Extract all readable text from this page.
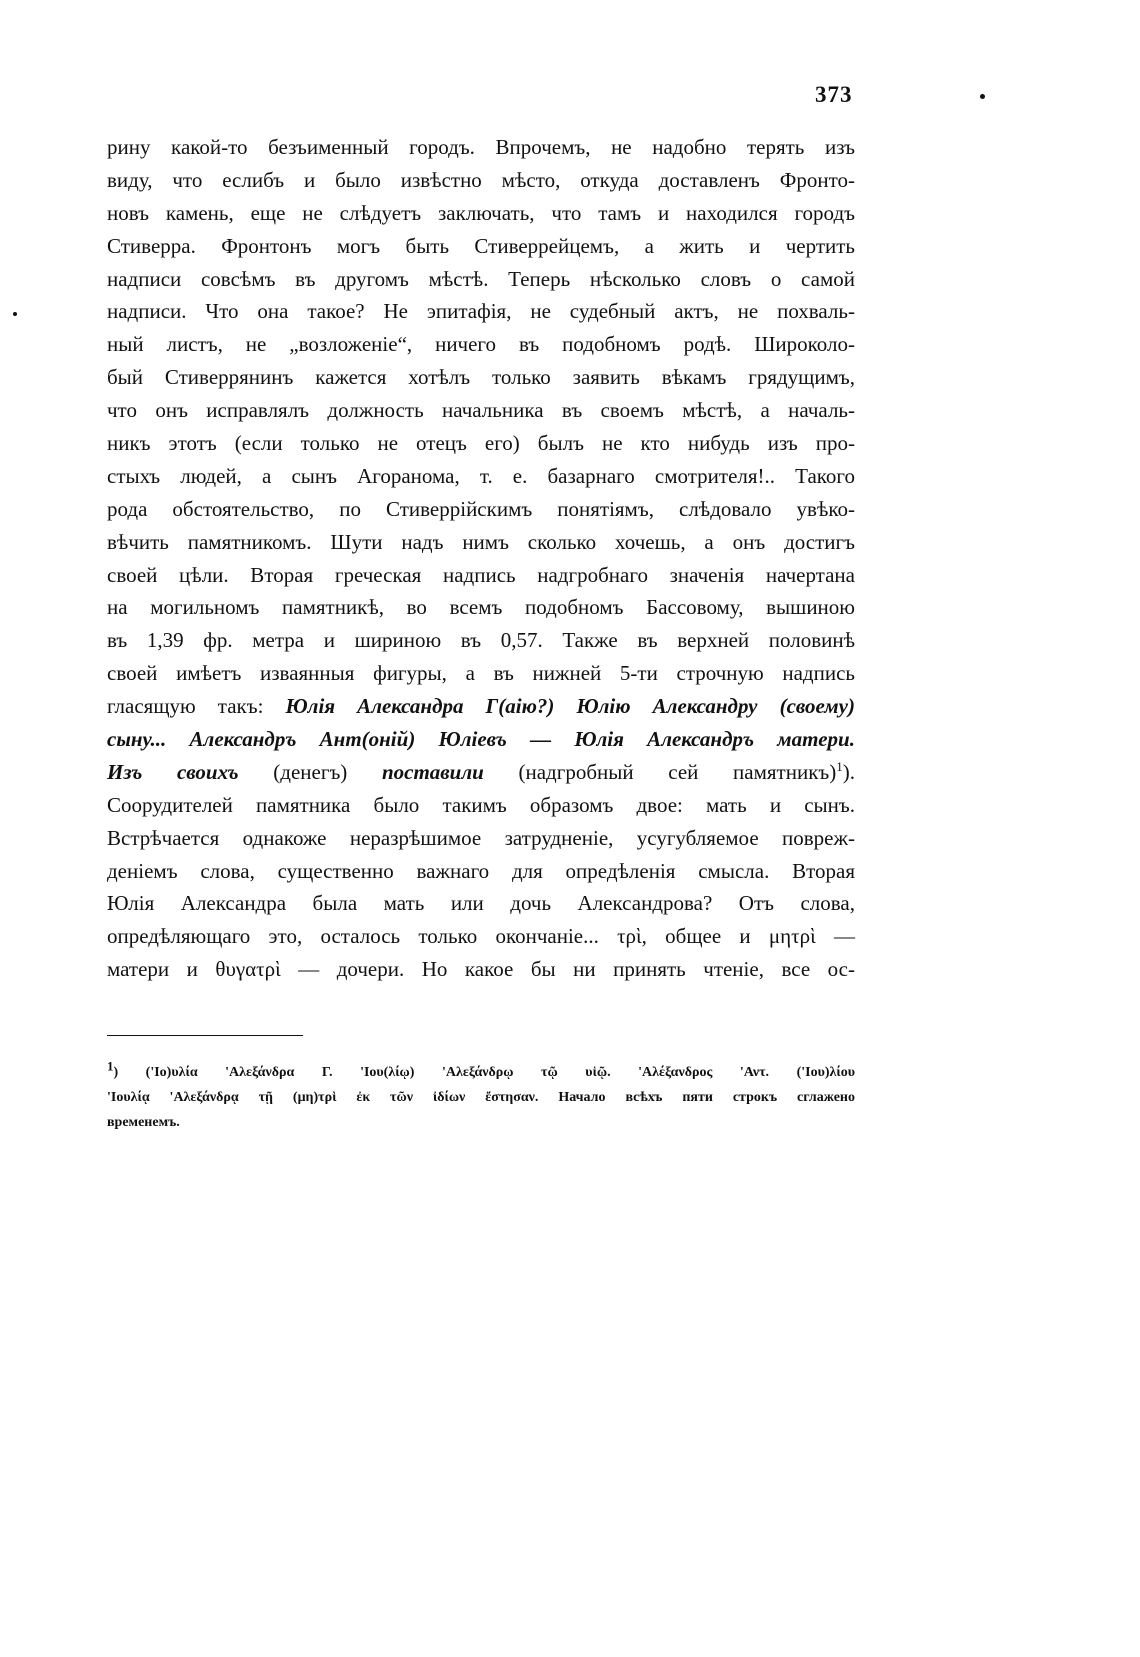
373
рину какой-то безъименный городъ. Впрочемъ, не надобно терять изъ
виду, что еслибъ и было извѣстно мѣсто, откуда доставленъ Фронто-
новъ камень, еще не слѣдуетъ заключать, что тамъ и находился городъ
Стиверра. Фронтонъ могъ быть Стиверрейцемъ, а жить и чертить
надписи совсѣмъ въ другомъ мѣстѣ. Теперь нѣсколько словъ о самой
надписи. Что она такое? Не эпитафія, не судебный актъ, не похваль-
ный листъ, не „возложеніе“, ничего въ подобномъ родѣ. Широколо-
бый Стиверрянинъ кажется хотѣлъ только заявить вѣкамъ грядущимъ,
что онъ исправлялъ должность начальника въ своемъ мѣстѣ, а началь-
никъ этотъ (если только не отецъ его) былъ не кто нибудь изъ про-
стыхъ людей, а сынъ Агоранома, т. е. базарнаго смотрителя!.. Такого
рода обстоятельство, по Стиверрійскимъ понятіямъ, слѣдовало увѣко-
вѣчить памятникомъ. Шути надъ нимъ сколько хочешь, а онъ достигъ
своей цѣли. Вторая греческая надпись надгробнаго значенія начертана
на могильномъ памятникѣ, во всемъ подобномъ Бассовому, вышиною
въ 1,39 фр. метра и шириною въ 0,57. Также въ верхней половинѣ
своей имѣетъ изваянныя фигуры, а въ нижней 5-ти строчную надпись
гласящую такъ: Юлія Александра Г(аію?) Юлію Александру (своему)
сыну... Александръ Ант(оній) Юліевъ — Юлія Александръ матери.
Изъ своихъ (денегъ) поставили (надгробный сей памятникъ)$^1$).
Соорудителей памятника было такимъ образомъ двое: мать и сынъ.
Встрѣчается однакоже неразрѣшимое затрудненіе, усугубляемое повреж-
деніемъ слова, существенно важнаго для опредѣленія смысла. Вторая
Юлія Александра была мать или дочь Александрова? Отъ слова,
опредѣляющаго это, осталось только окончаніе... τρὶ, общее и μητρὶ —
матери и θυγατρὶ — дочери. Но какое бы ни принять чтеніе, все ос-
$^1$) ('Ιο)υλία 'Αλεξάνδρα Γ. 'Ιου(λίῳ) 'Αλεξάνδρῳ τῷ υἱῷ. 'Αλέξανδρος 'Αντ. ('Ιου)λίου
'Ιουλίᾳ 'Αλεξάνδρᾳ τῇ (μη)τρὶ ἐκ τῶν ἰδίων ἔστησαν. Начало всѣхъ пяти строкъ сглажено
временемъ.
